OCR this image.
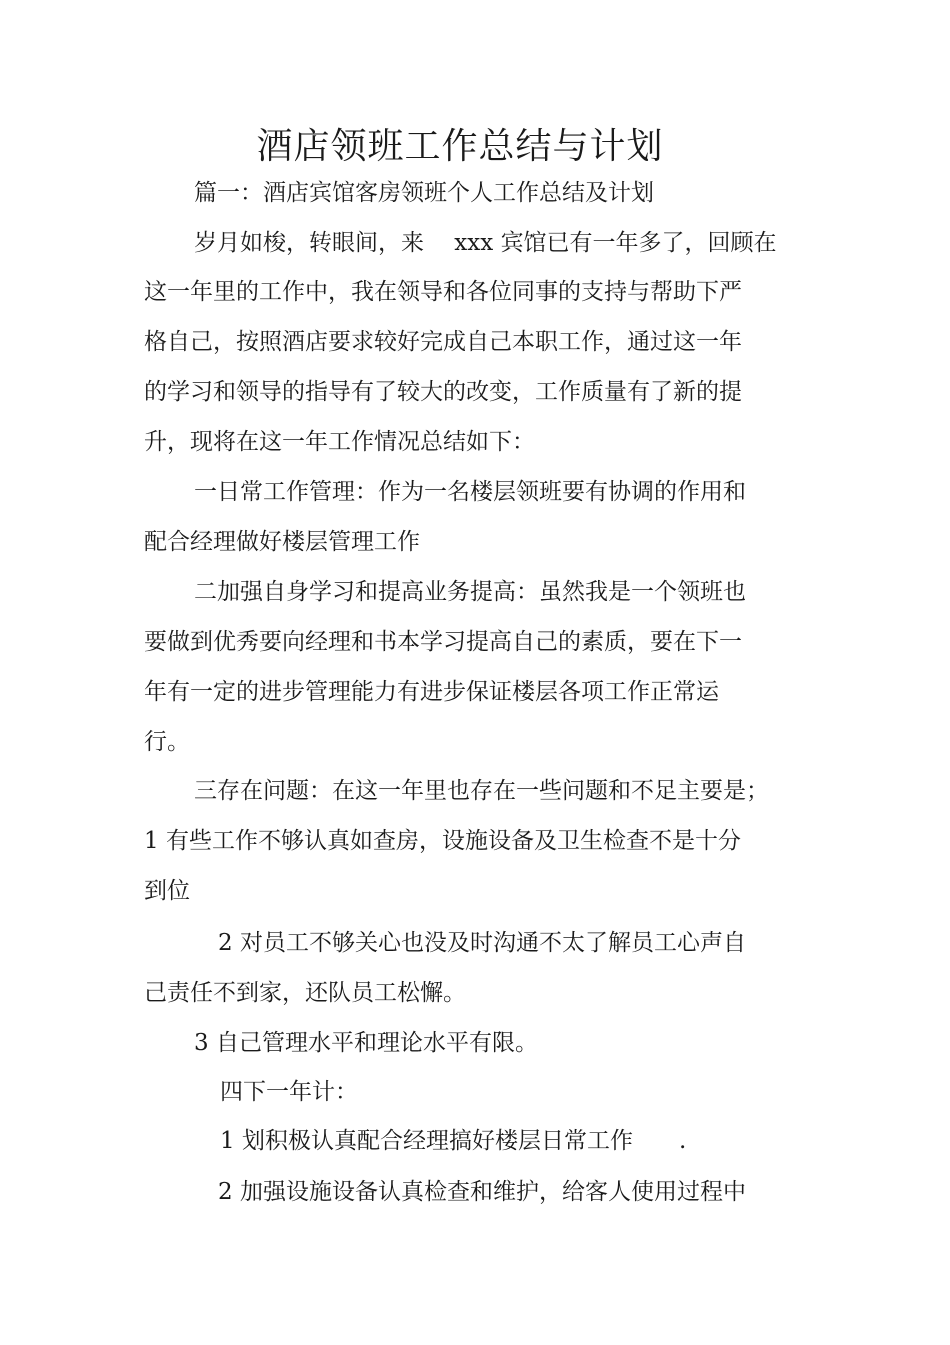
酒店领班工作总结与计划
篇一：酒店宾馆客房领班个人工作总结及计划
岁月如梭，转眼间，来　 xxx 宾馆已有一年多了，回顾在
这一年里的工作中，我在领导和各位同事的支持与帮助下严
格自己，按照酒店要求较好完成自己本职工作，通过这一年
的学习和领导的指导有了较大的改变，工作质量有了新的提
升，现将在这一年工作情况总结如下：
一日常工作管理：作为一名楼层领班要有协调的作用和
配合经理做好楼层管理工作
二加强自身学习和提高业务提高：虽然我是一个领班也
要做到优秀要向经理和书本学习提高自己的素质，要在下一
年有一定的进步管理能力有进步保证楼层各项工作正常运
行。
三存在问题：在这一年里也存在一些问题和不足主要是；
1 有些工作不够认真如查房，设施设备及卫生检查不是十分
到位
2 对员工不够关心也没及时沟通不太了解员工心声自
己责任不到家，还队员工松懈。
3 自己管理水平和理论水平有限。
四下一年计：
1 划积极认真配合经理搞好楼层日常工作　　.
2 加强设施设备认真检查和维护，给客人使用过程中
